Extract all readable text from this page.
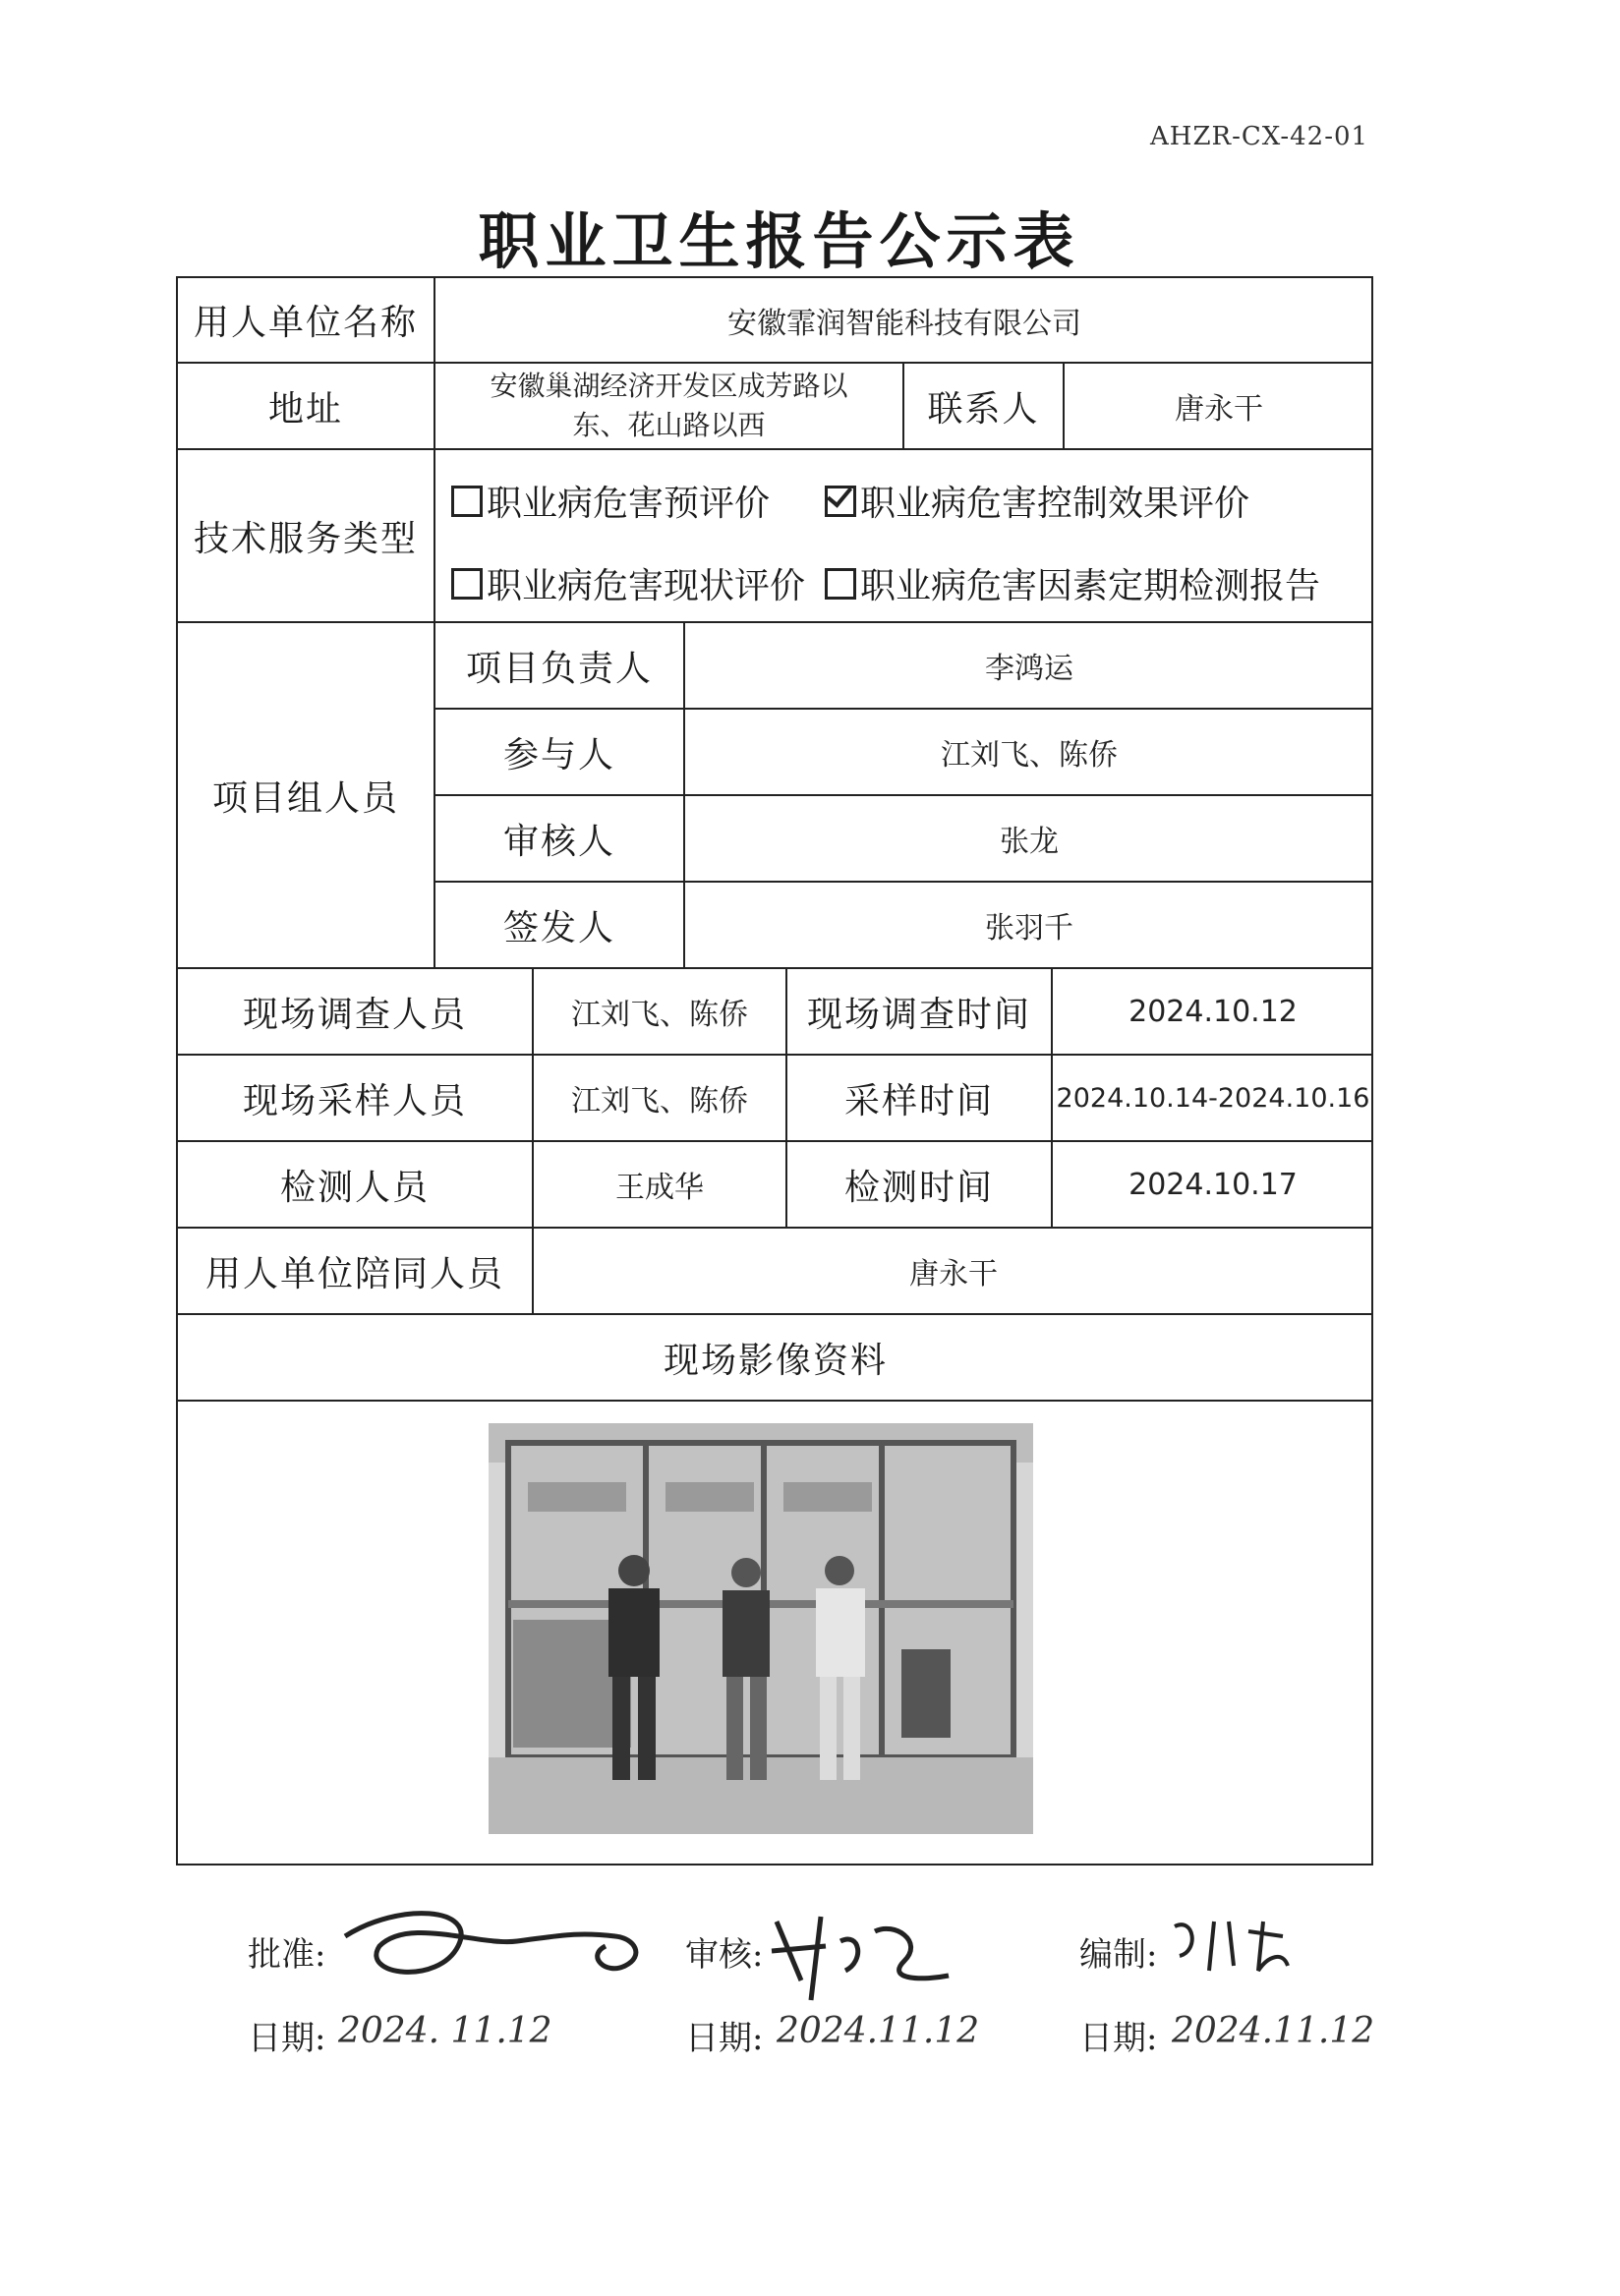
AHZR-CX-42-01
职业卫生报告公示表
用人单位名称	安徽霏润智能科技有限公司
地址
安徽巢湖经济开发区成芳路以
东、花山路以西	联系人	唐永干
技术服务类型
职业病危害预评价	职业病危害控制效果评价
职业病危害现状评价	职业病危害因素定期检测报告
项目组人员
项目负责人	李鸿运
参与人	江刘飞、陈侨
审核人	张龙
签发人	张羽千
现场调查人员	江刘飞、陈侨	现场调查时间	2024.10.12
现场采样人员	江刘飞、陈侨	采样时间	2024.10.14-2024.10.16
检测人员	王成华	检测时间	2024.10.17
用人单位陪同人员	唐永干
现场影像资料
批准:	审核:	编制:
日期: 2024. 11.12	日期: 2024.11.12	日期: 2024.11.12
